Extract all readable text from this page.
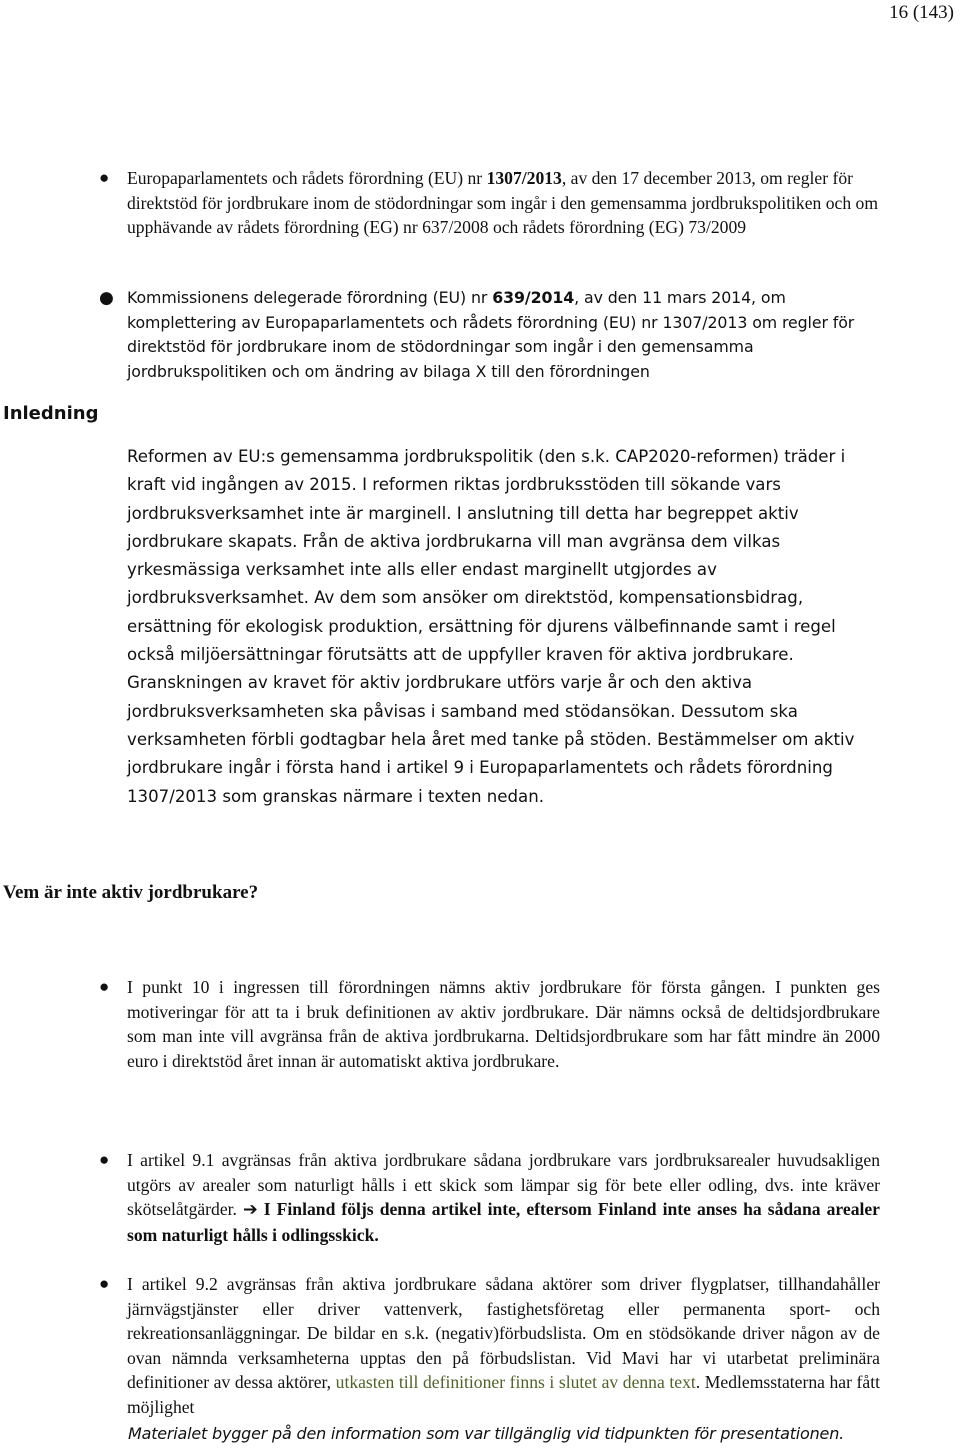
16 (143)
● Europaparlamentets och rådets förordning (EU) nr 1307/2013, av den 17 december 2013, om regler för direktstöd för jordbrukare inom de stödordningar som ingår i den gemensamma jordbrukspolitiken och om upphävande av rådets förordning (EG) nr 637/2008 och rådets förordning (EG) 73/2009
● Kommissionens delegerade förordning (EU) nr 639/2014, av den 11 mars 2014, om komplettering av Europaparlamentets och rådets förordning (EU) nr 1307/2013 om regler för direktstöd för jordbrukare inom de stödordningar som ingår i den gemensamma jordbrukspolitiken och om ändring av bilaga X till den förordningen
Inledning
Reformen av EU:s gemensamma jordbrukspolitik (den s.k. CAP2020-reformen) träder i kraft vid ingången av 2015. I reformen riktas jordbruksstöden till sökande vars jordbruksverksamhet inte är marginell. I anslutning till detta har begreppet aktiv jordbrukare skapats. Från de aktiva jordbrukarna vill man avgränsa dem vilkas yrkesmässiga verksamhet inte alls eller endast marginellt utgjordes av jordbruksverksamhet. Av dem som ansöker om direktstöd, kompensationsbidrag, ersättning för ekologisk produktion, ersättning för djurens välbefinnande samt i regel också miljöersättningar förutsätts att de uppfyller kraven för aktiva jordbrukare. Granskningen av kravet för aktiv jordbrukare utförs varje år och den aktiva jordbruksverksamheten ska påvisas i samband med stödansökan. Dessutom ska verksamheten förbli godtagbar hela året med tanke på stöden. Bestämmelser om aktiv jordbrukare ingår i första hand i artikel 9 i Europaparlamentets och rådets förordning 1307/2013 som granskas närmare i texten nedan.
Vem är inte aktiv jordbrukare?
● I punkt 10 i ingressen till förordningen nämns aktiv jordbrukare för första gången. I punkten ges motiveringar för att ta i bruk definitionen av aktiv jordbrukare. Där nämns också de deltidsjordbrukare som man inte vill avgränsa från de aktiva jordbrukarna. Deltidsjordbrukare som har fått mindre än 2000 euro i direktstöd året innan är automatiskt aktiva jordbrukare.
● I artikel 9.1 avgränsas från aktiva jordbrukare sådana jordbrukare vars jordbruksarealer huvudsakligen utgörs av arealer som naturligt hålls i ett skick som lämpar sig för bete eller odling, dvs. inte kräver skötselåtgärder. ➔ I Finland följs denna artikel inte, eftersom Finland inte anses ha sådana arealer som naturligt hålls i odlingsskick.
● I artikel 9.2 avgränsas från aktiva jordbrukare sådana aktörer som driver flygplatser, tillhandahåller järnvägstjänster eller driver vattenverk, fastighetsföretag eller permanenta sport- och rekreationsanläggningar. De bildar en s.k. (negativ)förbudslista. Om en stödsökande driver någon av de ovan nämnda verksamheterna upptas den på förbudslistan. Vid Mavi har vi utarbetat preliminära definitioner av dessa aktörer, utkasten till definitioner finns i slutet av denna text. Medlemsstaterna har fått möjlighet
Materialet bygger på den information som var tillgänglig vid tidpunkten för presentationen.
